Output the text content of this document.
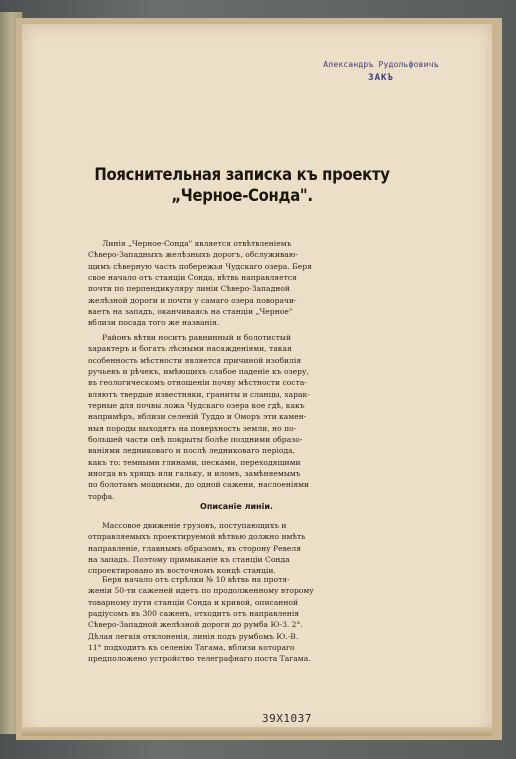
Александръ Рудольфовичъ
ЗАКЪ
Пояснительная записка къ проекту
„Черное-Сонда".

Линія „Черное-Сонда" является отвѣтвленіемъ

Сѣверо-Западныхъ желѣзныхъ дорогъ, обслуживаю-

щимъ сѣверную часть побережья Чудскаго озера. Беря

свое начало отъ станціи Сонда, вѣтвь направляется

почти по перпендикуляру линіи Сѣверо-Западной

желѣзной дороги и почти у самаго озера поворачи-

ваетъ на западъ, оканчиваясь на станціи „Черное"

вблизи посада того же названія.

Районъ вѣтви носитъ равнинный и болотистый

характеръ и богатъ лѣсными насажденіями, такая

особенность мѣстности является причиной изобилія

ручьевъ и рѣчекъ, имѣющихъ слабое паденіе къ озеру,

въ геологическомъ отношеніи почву мѣстности соста-

вляютъ твердые известняки, граниты и сланцы, харак-

терные для почвы ложа Чудскаго озера кое гдѣ, какъ

напримѣръ, вблизи селеній Туддо и Оморъ эти камен-

ныя породы выходятъ на поверхность земли, но по-

большей части онѣ покрыты болѣе поздними образо-

ваніями ледниковаго и послѣ ледниковаго періода,

какъ то: темными глинами, песками, переходящими

иногда въ хрящъ или гальку, и иломъ, замѣняемымъ

по болотамъ мощными, до одной сажени, наслоеніями

торфа.

Описаніе линіи.

Массовое движеніе грузовъ, поступающихъ и

отправляемыхъ проектируемой вѣтвью должно имѣть

направленіе, главнымъ образомъ, въ сторону Ревеля

на западъ. Поэтому примыканіе къ станціи Сонда

спроектировано въ восточномъ концѣ станціи.

Беря начало отъ стрѣлки № 10 вѣтвь на протя-

женіи 50-ти саженей идетъ по продолженному второму

товарному пути станціи Сонда и кривой, описанной

радіусомъ въ 300 саженъ, отходитъ отъ направленія

Сѣверо-Западной желѣзной дороги до румба Ю-З. 2°.

Дѣлая легкія отклоненія, линія подъ румбомъ Ю.-В.

11° подходитъ къ селенію Тагама, вблизи котораго

предположено устройство телеграфнаго поста Тагама.

39X1037
